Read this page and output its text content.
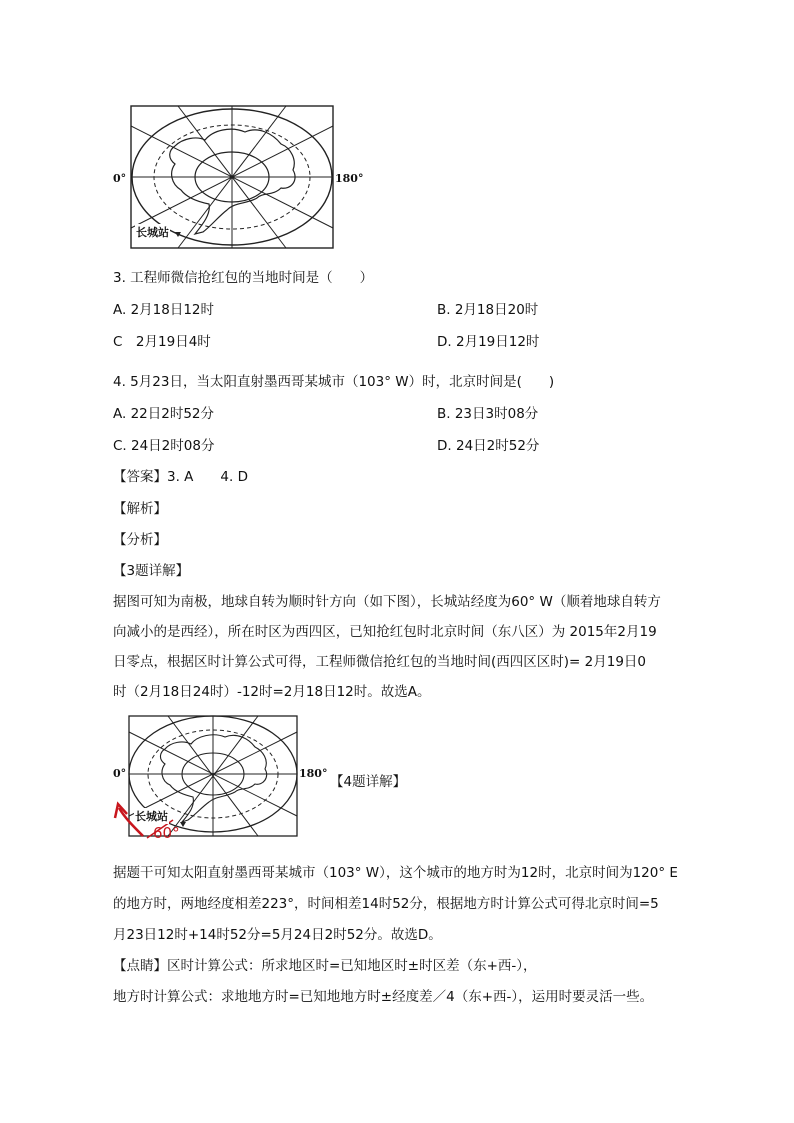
0°	180°
长城站
3. 工程师微信抢红包的当地时间是（　　）
A. 2月18日12时	B. 2月18日20时
C　2月19日4时	D. 2月19日12时
4. 5月23日，当太阳直射墨西哥某城市（103° W）时，北京时间是(　　)
A. 22日2时52分	B. 23日3时08分
C. 24日2时08分	D. 24日2时52分
【答案】3. A　　4. D
【解析】
【分析】
【3题详解】
据图可知为南极，地球自转为顺时针方向（如下图），长城站经度为60° W（顺着地球自转方
向减小的是西经），所在时区为西四区，已知抢红包时北京时间（东八区）为 2015年2月19
日零点，根据区时计算公式可得，工程师微信抢红包的当地时间(西四区区时)= 2月19日0
时（2月18日24时）-12时=2月18日12时。故选A。
0°	180°
长城站
60°
【4题详解】
据题干可知太阳直射墨西哥某城市（103° W），这个城市的地方时为12时，北京时间为120° E
的地方时，两地经度相差223°，时间相差14时52分，根据地方时计算公式可得北京时间=5
月23日12时+14时52分=5月24日2时52分。故选D。
【点睛】区时计算公式：所求地区时=已知地区时±时区差（东+西-），
地方时计算公式：求地地方时=已知地地方时±经度差／4（东+西-），运用时要灵活一些。
